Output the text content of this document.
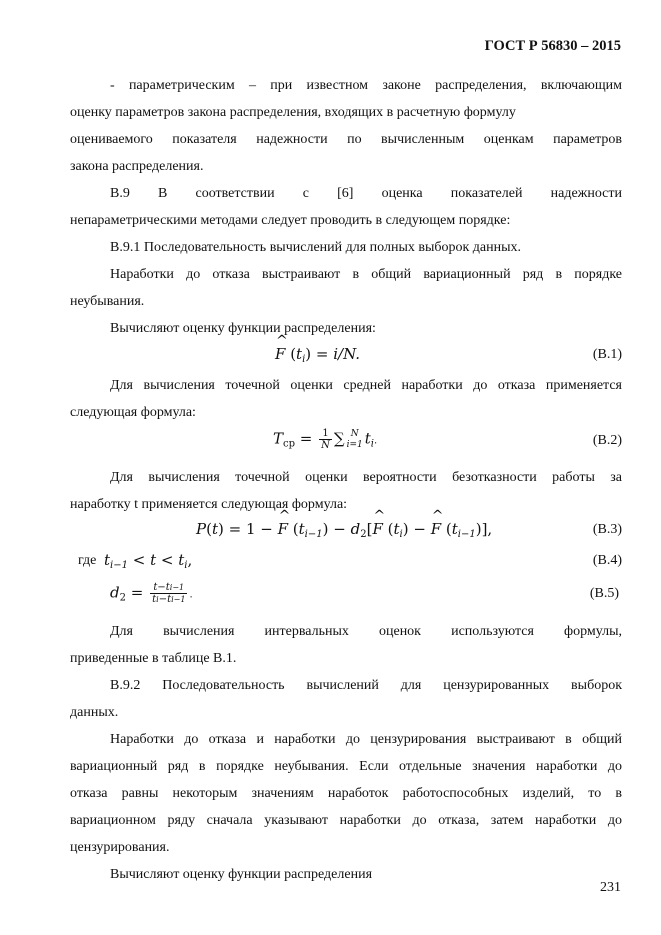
ГОСТ Р 56830 – 2015
- параметрическим – при известном законе распределения, включающим
оценку параметров закона распределения, входящих в расчетную формулу
оцениваемого показателя надежности по вычисленным оценкам параметров
закона распределения.
В.9 В соответствии с [6] оценка показателей надежности
непараметрическими методами следует проводить в следующем порядке:
В.9.1 Последовательность вычислений для полных выборок данных.
Наработки до отказа выстраивают в общий вариационный ряд в порядке
неубывания.
Вычисляют оценку функции распределения:
^ F $(t_i) = i/N$.	(В.1)
Для вычисления точечной оценки средней наработки до отказа применяется
следующая формула:
$T_{ср} = \frac{1}{N}$ ∑ N
i=1 $t_i$.	(В.2)
Для вычисления точечной оценки вероятности безотказности работы за
наработку t применяется следующая формула:
P(t) = 1 − ^ F $(t_{i-1})$ − $d_2[\^{}$ F $(t_i)$ − ^ F $(t_{i-1})$],	(В.3)
где $t_{i-1} < t < t_i$,	(В.4)
$d_2 = \frac{t-ti-1}{ti-ti-1}$ .	(В.5)
Для вычисления интервальных оценок используются формулы,
приведенные в таблице В.1.
В.9.2 Последовательность вычислений для цензурированных выборок
данных.
Наработки до отказа и наработки до цензурирования выстраивают в общий
вариационный ряд в порядке неубывания. Если отдельные значения наработки до
отказа равны некоторым значениям наработок работоспособных изделий, то в
вариационном ряду сначала указывают наработки до отказа, затем наработки до
цензурирования.
Вычисляют оценку функции распределения
231
